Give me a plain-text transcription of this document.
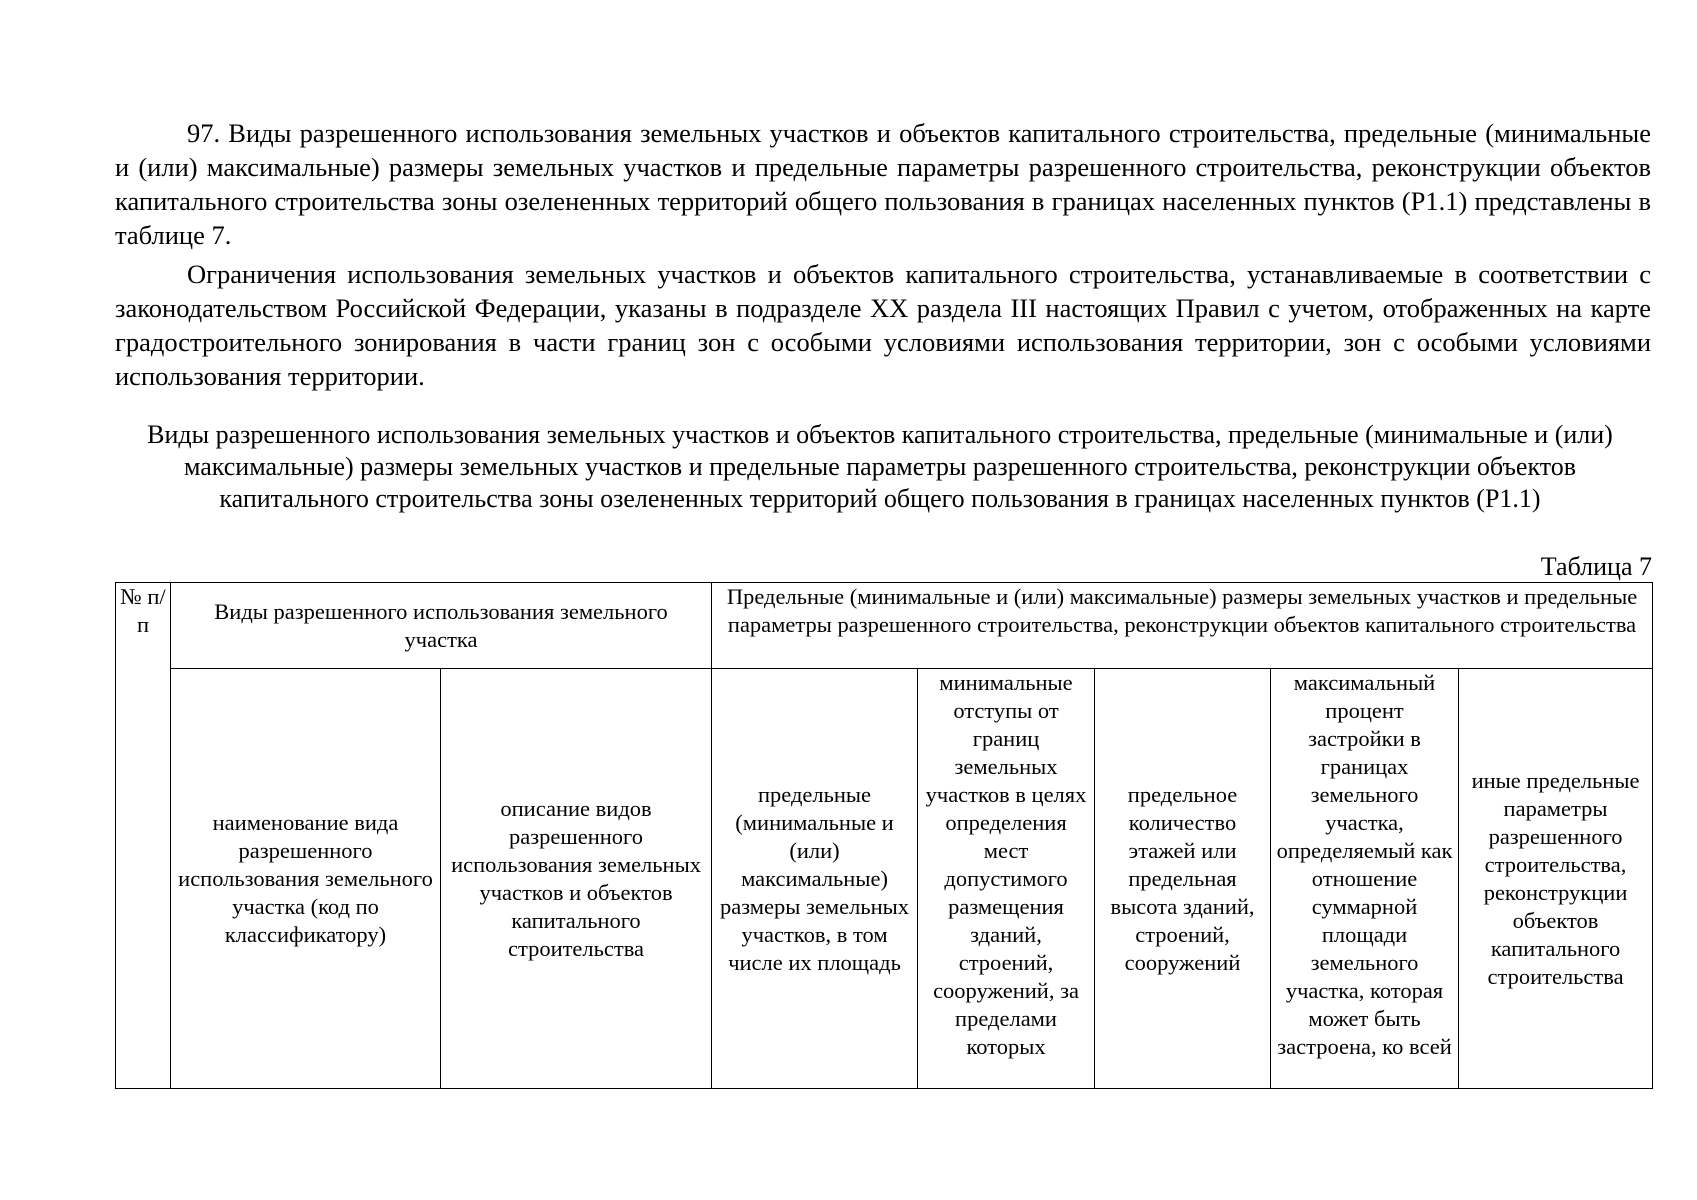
97. Виды разрешенного использования земельных участков и объектов капитального строительства, предельные (минимальные и (или) максимальные) размеры земельных участков и предельные параметры разрешенного строительства, реконструкции объектов капитального строительства зоны озелененных территорий общего пользования в границах населенных пунктов (Р1.1) представлены в таблице 7.

Ограничения использования земельных участков и объектов капитального строительства, устанавливаемые в соответствии с законодательством Российской Федерации, указаны в подразделе XX раздела III настоящих Правил с учетом, отображенных на карте градостроительного зонирования в части границ зон с особыми условиями использования территории, зон с особыми условиями использования территории.

Виды разрешенного использования земельных участков и объектов капитального строительства, предельные (минимальные и (или) максимальные) размеры земельных участков и предельные параметры разрешенного строительства, реконструкции объектов капитального строительства зоны озелененных территорий общего пользования в границах населенных пунктов (Р1.1)

Таблица 7
№ п/п	Виды разрешенного использования земельного участка		Предельные (минимальные и (или) максимальные) размеры земельных участков и предельные параметры разрешенного строительства, реконструкции объектов капитального строительства				
	наименование вида разрешенного использования земельного участка (код по классификатору)	описание видов разрешенного использования земельных участков и объектов капитального строительства	предельные (минимальные и (или) максимальные) размеры земельных участков, в том числе их площадь	минимальные отступы от границ земельных участков в целях определения мест допустимого размещения зданий, строений, сооружений, за пределами которых	предельное количество этажей или предельная высота зданий, строений, сооружений	максимальный процент застройки в границах земельного участка, определяемый как отношение суммарной площади земельного участка, которая может быть застроена, ко всей	иные предельные параметры разрешенного строительства, реконструкции объектов капитального строительства
